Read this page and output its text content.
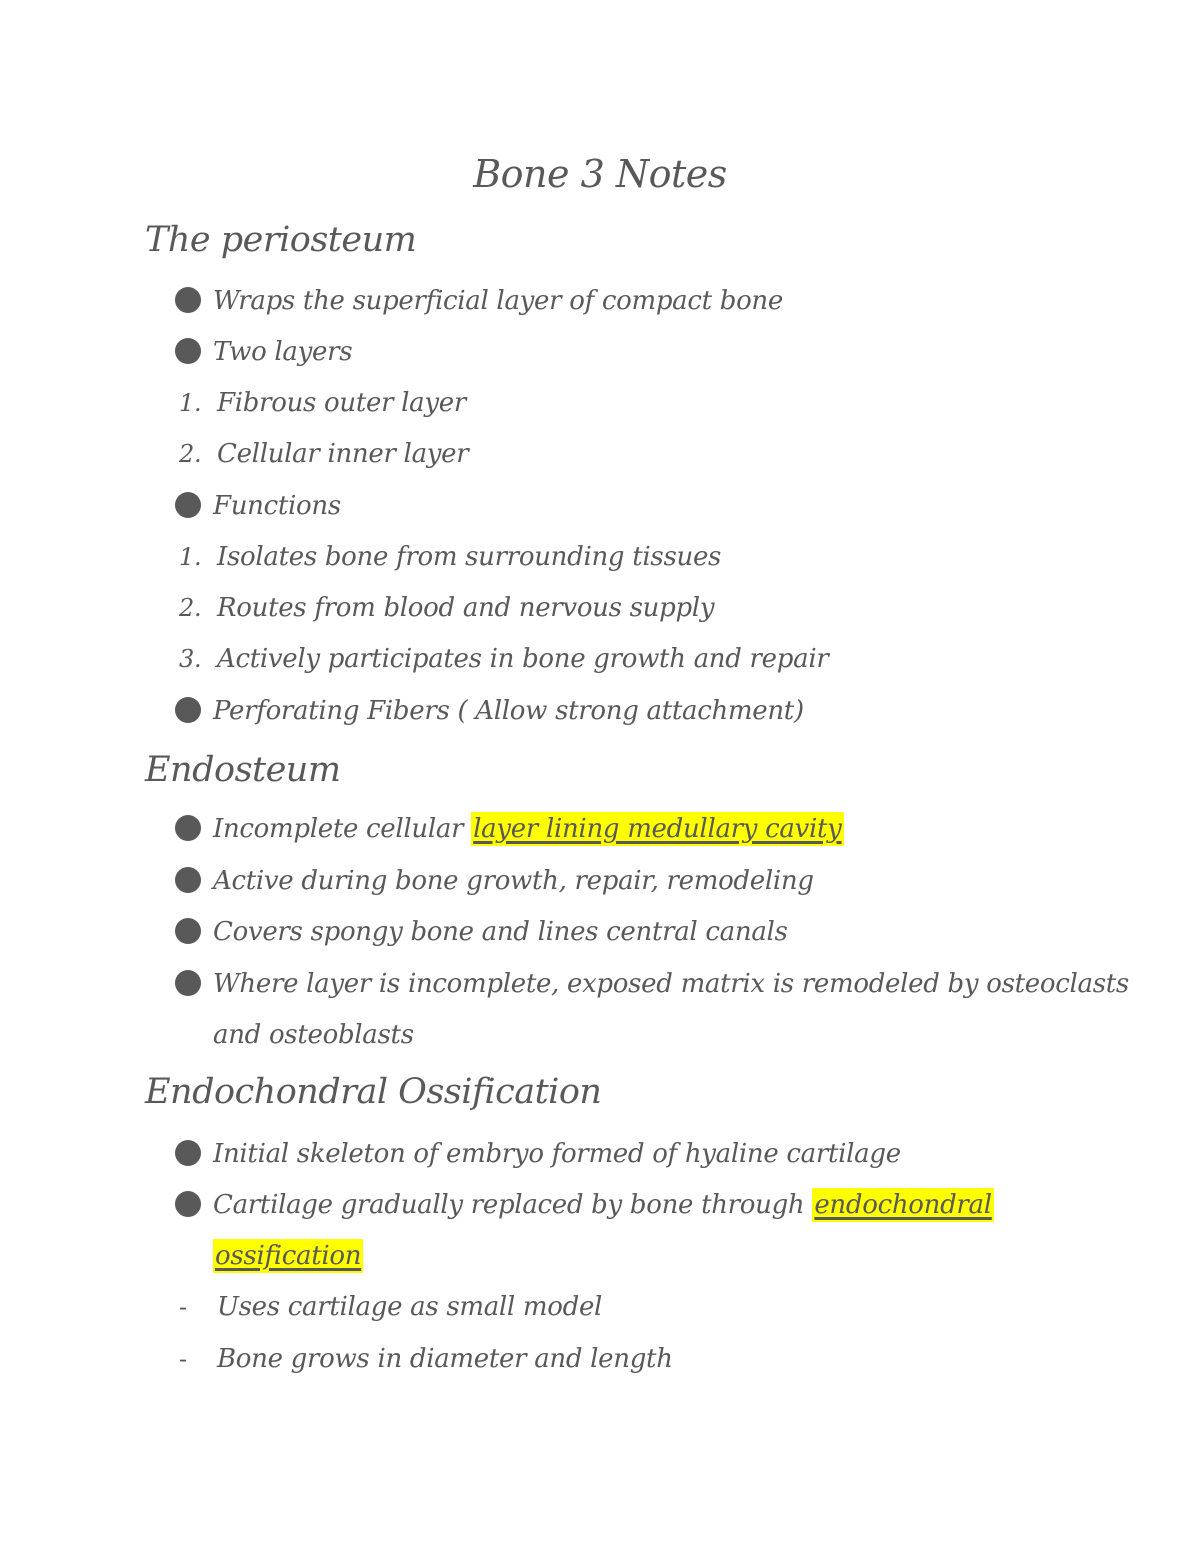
Bone 3 Notes
The periosteum
Wraps the superficial layer of compact bone
Two layers
1. Fibrous outer layer
2. Cellular inner layer
Functions
1. Isolates bone from surrounding tissues
2. Routes from blood and nervous supply
3. Actively participates in bone growth and repair
Perforating Fibers ( Allow strong attachment)
Endosteum
Incomplete cellular layer lining medullary cavity
Active during bone growth, repair, remodeling
Covers spongy bone and lines central canals
Where layer is incomplete, exposed matrix is remodeled by osteoclasts
and osteoblasts
Endochondral Ossification
Initial skeleton of embryo formed of hyaline cartilage
Cartilage gradually replaced by bone through endochondral
ossification
- Uses cartilage as small model
- Bone grows in diameter and length
